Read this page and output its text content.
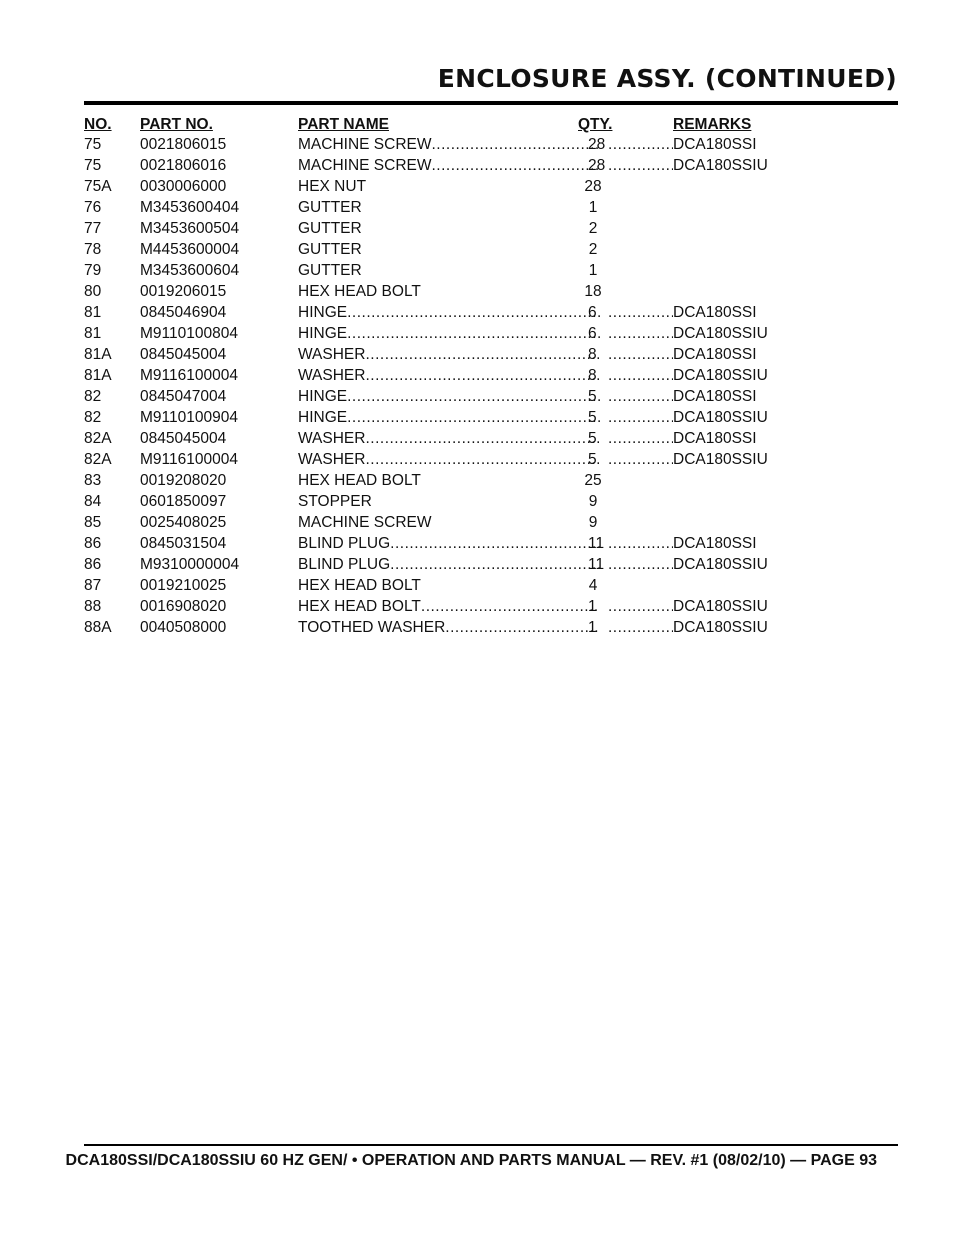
ENCLOSURE ASSY. (CONTINUED)
NO. PART NO.	PART NAME	QTY.	REMARKS
75	0021806015	MACHINE SCREW .....	28 .....	DCA180SSI
75	0021806016	MACHINE SCREW .....	28 .....	DCA180SSIU
75A 0030006000	HEX NUT	28
76	M3453600404	GUTTER	1
77	M3453600504	GUTTER	2
78	M4453600004	GUTTER	2
79	M3453600604	GUTTER	1
80	0019206015	HEX HEAD BOLT	18
81	0845046904	HINGE .....	6 .....	DCA180SSI
81	M9110100804	HINGE .....	6 .....	DCA180SSIU
81A 0845045004	WASHER .....	8 .....	DCA180SSI
81A M9116100004	WASHER .....	8 .....	DCA180SSIU
82	0845047004	HINGE .....	5 .....	DCA180SSI
82	M9110100904	HINGE .....	5 .....	DCA180SSIU
82A 0845045004	WASHER .....	5 .....	DCA180SSI
82A M9116100004	WASHER .....	5 .....	DCA180SSIU
83	0019208020	HEX HEAD BOLT	25
84	0601850097	STOPPER	9
85	0025408025	MACHINE SCREW	9
86	0845031504	BLIND PLUG .....	11 .....	DCA180SSI
86	M9310000004	BLIND PLUG .....	11 .....	DCA180SSIU
87	0019210025	HEX HEAD BOLT	4
88	0016908020	HEX HEAD BOLT .....	1 .....	DCA180SSIU
88A 0040508000	TOOTHED WASHER .....	1 .....	DCA180SSIU
DCA180SSI/DCA180SSIU 60 HZ GEN/ • OPERATION AND PARTS MANUAL — REV. #1 (08/02/10) — PAGE 93
